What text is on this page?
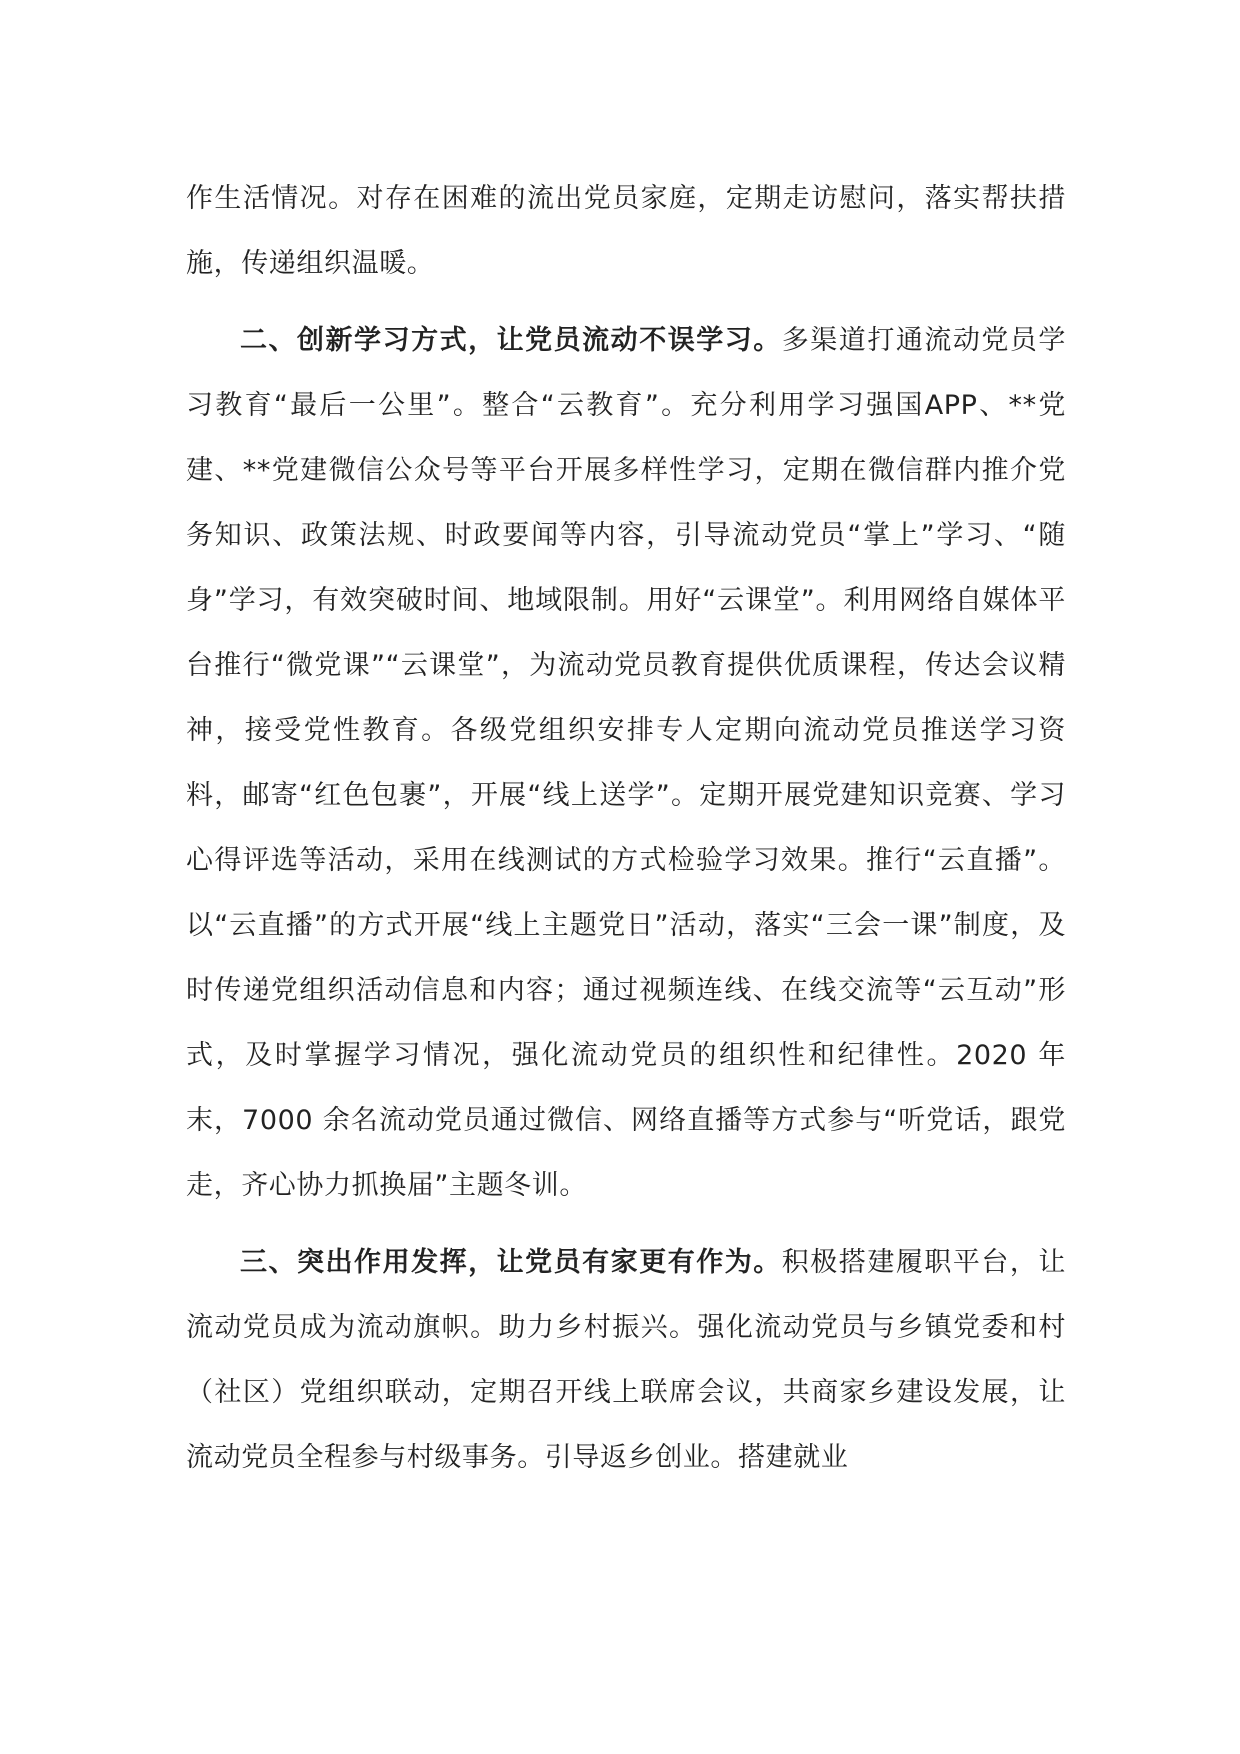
作生活情况。对存在困难的流出党员家庭，定期走访慰问，落实帮扶措施，传递组织温暖。

二、创新学习方式，让党员流动不误学习。多渠道打通流动党员学习教育“最后一公里”。整合“云教育”。充分利用学习强国APP、**党建、**党建微信公众号等平台开展多样性学习，定期在微信群内推介党务知识、政策法规、时政要闻等内容，引导流动党员“掌上”学习、“随身”学习，有效突破时间、地域限制。用好“云课堂”。利用网络自媒体平台推行“微党课”“云课堂”，为流动党员教育提供优质课程，传达会议精神，接受党性教育。各级党组织安排专人定期向流动党员推送学习资料，邮寄“红色包裹”，开展“线上送学”。定期开展党建知识竞赛、学习心得评选等活动，采用在线测试的方式检验学习效果。推行“云直播”。以“云直播”的方式开展“线上主题党日”活动，落实“三会一课”制度，及时传递党组织活动信息和内容；通过视频连线、在线交流等“云互动”形式，及时掌握学习情况，强化流动党员的组织性和纪律性。2020 年末，7000 余名流动党员通过微信、网络直播等方式参与“听党话，跟党走，齐心协力抓换届”主题冬训。

三、突出作用发挥，让党员有家更有作为。积极搭建履职平台，让流动党员成为流动旗帜。助力乡村振兴。强化流动党员与乡镇党委和村（社区）党组织联动，定期召开线上联席会议，共商家乡建设发展，让流动党员全程参与村级事务。引导返乡创业。搭建就业
